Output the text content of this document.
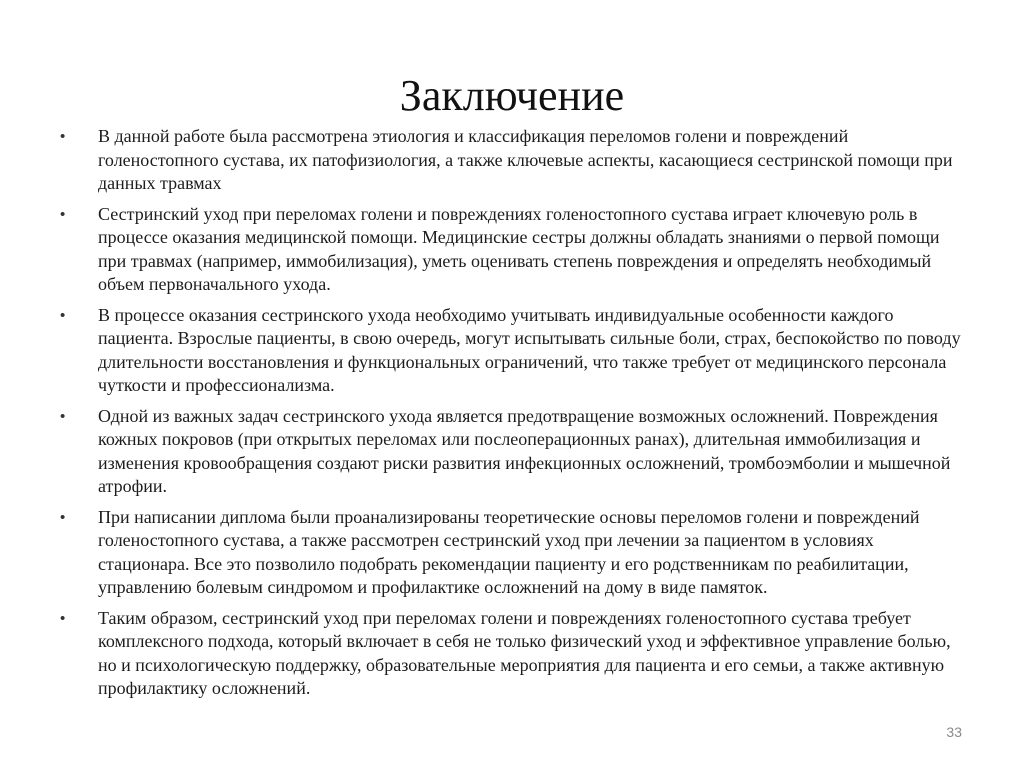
Заключение
• В данной работе была рассмотрена этиология и классификация переломов голени и повреждений голеностопного сустава, их патофизиология, а также ключевые аспекты, касающиеся сестринской помощи при данных травмах
• Сестринский уход при переломах голени и повреждениях голеностопного сустава играет ключевую роль в процессе оказания медицинской помощи. Медицинские сестры должны обладать знаниями о первой помощи при травмах (например, иммобилизация), уметь оценивать степень повреждения и определять необходимый объем первоначального ухода.
• В процессе оказания сестринского ухода необходимо учитывать индивидуальные особенности каждого пациента. Взрослые пациенты, в свою очередь, могут испытывать сильные боли, страх, беспокойство по поводу длительности восстановления и функциональных ограничений, что также требует от медицинского персонала чуткости и профессионализма.
• Одной из важных задач сестринского ухода является предотвращение возможных осложнений. Повреждения кожных покровов (при открытых переломах или послеоперационных ранах), длительная иммобилизация и изменения кровообращения создают риски развития инфекционных осложнений, тромбоэмболии и мышечной атрофии.
• При написании диплома были проанализированы теоретические основы переломов голени и повреждений голеностопного сустава, а также рассмотрен сестринский уход при лечении за пациентом в условиях стационара. Все это позволило подобрать рекомендации пациенту и его родственникам по реабилитации, управлению болевым синдромом и профилактике осложнений на дому в виде памяток.
• Таким образом, сестринский уход при переломах голени и повреждениях голеностопного сустава требует комплексного подхода, который включает в себя не только физический уход и эффективное управление болью, но и психологическую поддержку, образовательные мероприятия для пациента и его семьи, а также активную профилактику осложнений.
33
